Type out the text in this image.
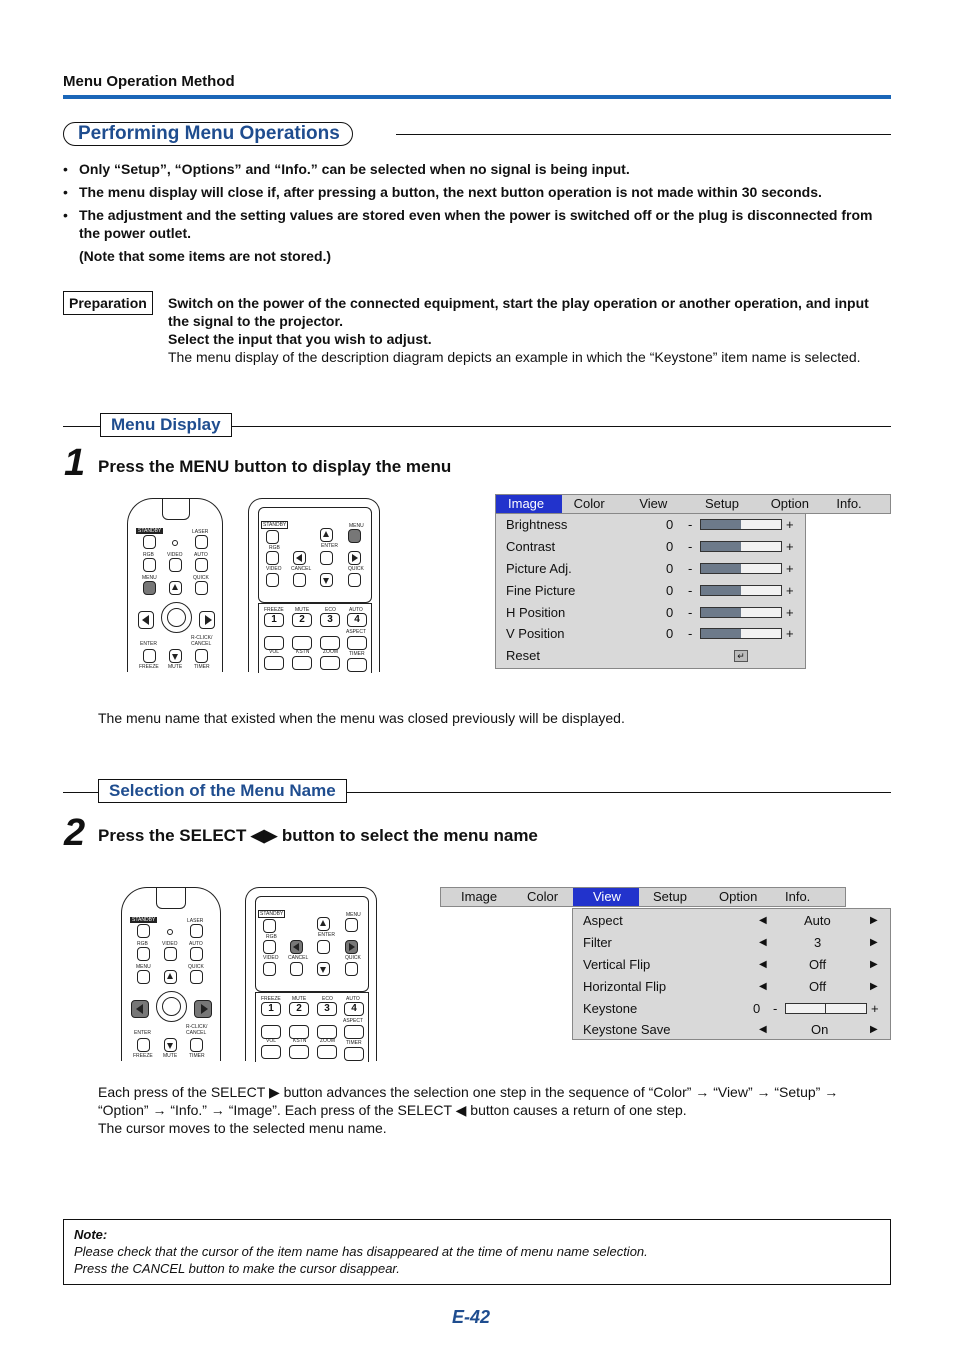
Menu Operation Method
Performing Menu Operations
• Only “Setup”, “Options” and “Info.” can be selected when no signal is being input.
• The menu display will close if, after pressing a button, the next button operation is not made within 30 seconds.
• The adjustment and the setting values are stored even when the power is switched off or the plug is disconnected from the power outlet.
(Note that some items are not stored.)
Preparation	Switch on the power of the connected equipment, start the play operation or another operation, and input the signal to the projector.
Select the input that you wish to adjust.
The menu display of the description diagram depicts an example in which the “Keystone” item name is selected.
Menu Display
1 Press the MENU button to display the menu
STANDBY	LASER
RGB	VIDEO AUTO
MENU	QUICK
ENTER
R-CLICK/
CANCEL
FREEZE MUTE TIMER
STANDBY	MENU
RGB	ENTER
VIDEO CANCEL	QUICK
FREEZE MUTE	ECO	AUTO
1	2	3	4
ASPECT
VOL	KSTN	ZOOM TIMER
Image	Color	View	Setup	Option	Info.
Brightness	0 -	+
Contrast	0 -	+
Picture Adj.	0 -	+
Fine Picture	0 -	+
H Position	0 -	+
V Position	0 -	+
Reset	↵
The menu name that existed when the menu was closed previously will be displayed.
Selection of the Menu Name
2 Press the SELECT ◀▶ button to select the menu name
STANDBY	LASER
RGB	VIDEO AUTO
MENU	QUICK
ENTER
R-CLICK/
CANCEL
FREEZE MUTE TIMER
STANDBY	MENU
RGB	ENTER
VIDEO CANCEL	QUICK
FREEZE MUTE	ECO	AUTO
1	2	3	4
ASPECT
VOL	KSTN	ZOOM TIMER
Image	Color	View	Setup	Option	Info.
Aspect	◀	Auto	▶
Filter	◀	3	▶
Vertical Flip	◀	Off	▶
Horizontal Flip	◀	Off	▶
Keystone	0 -	+
Keystone Save	◀	On	▶
Each press of the SELECT ▶ button advances the selection one step in the sequence of “Color” → “View” → “Setup” →
“Option” → “Info.” → “Image”. Each press of the SELECT ◀ button causes a return of one step.
The cursor moves to the selected menu name.
Note:
Please check that the cursor of the item name has disappeared at the time of menu name selection.
Press the CANCEL button to make the cursor disappear.
E-42
